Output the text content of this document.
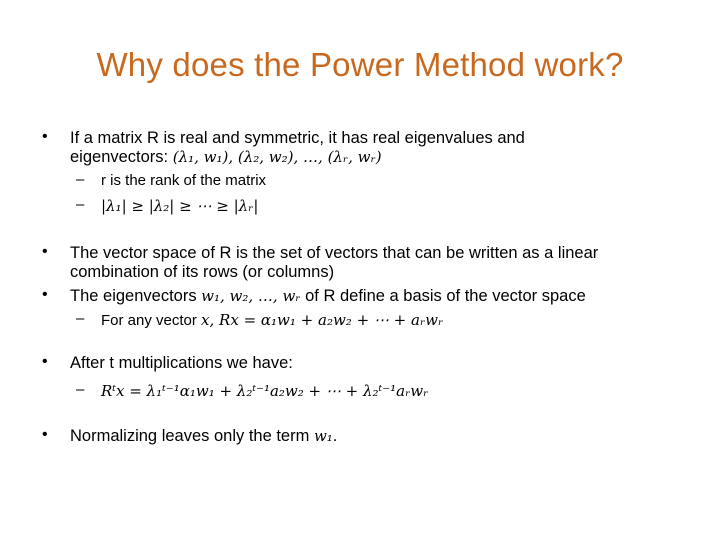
Why does the Power Method work?
• If a matrix R is real and symmetric, it has real eigenvalues and
eigenvectors: (λ₁, w₁), (λ₂, w₂), …, (λᵣ, wᵣ)
– r is the rank of the matrix
– |λ₁| ≥ |λ₂| ≥ ⋯ ≥ |λᵣ|
• The vector space of R is the set of vectors that can be written as a linear
combination of its rows (or columns)
• The eigenvectors w₁, w₂, …, wᵣ of R define a basis of the vector space
– For any vector x, Rx = α₁w₁ + a₂w₂ + ⋯ + aᵣwᵣ
• After t multiplications we have:
– Rᵗx = λ₁ᵗ⁻¹α₁w₁ + λ₂ᵗ⁻¹a₂w₂ + ⋯ + λ₂ᵗ⁻¹aᵣwᵣ
• Normalizing leaves only the term w₁.
